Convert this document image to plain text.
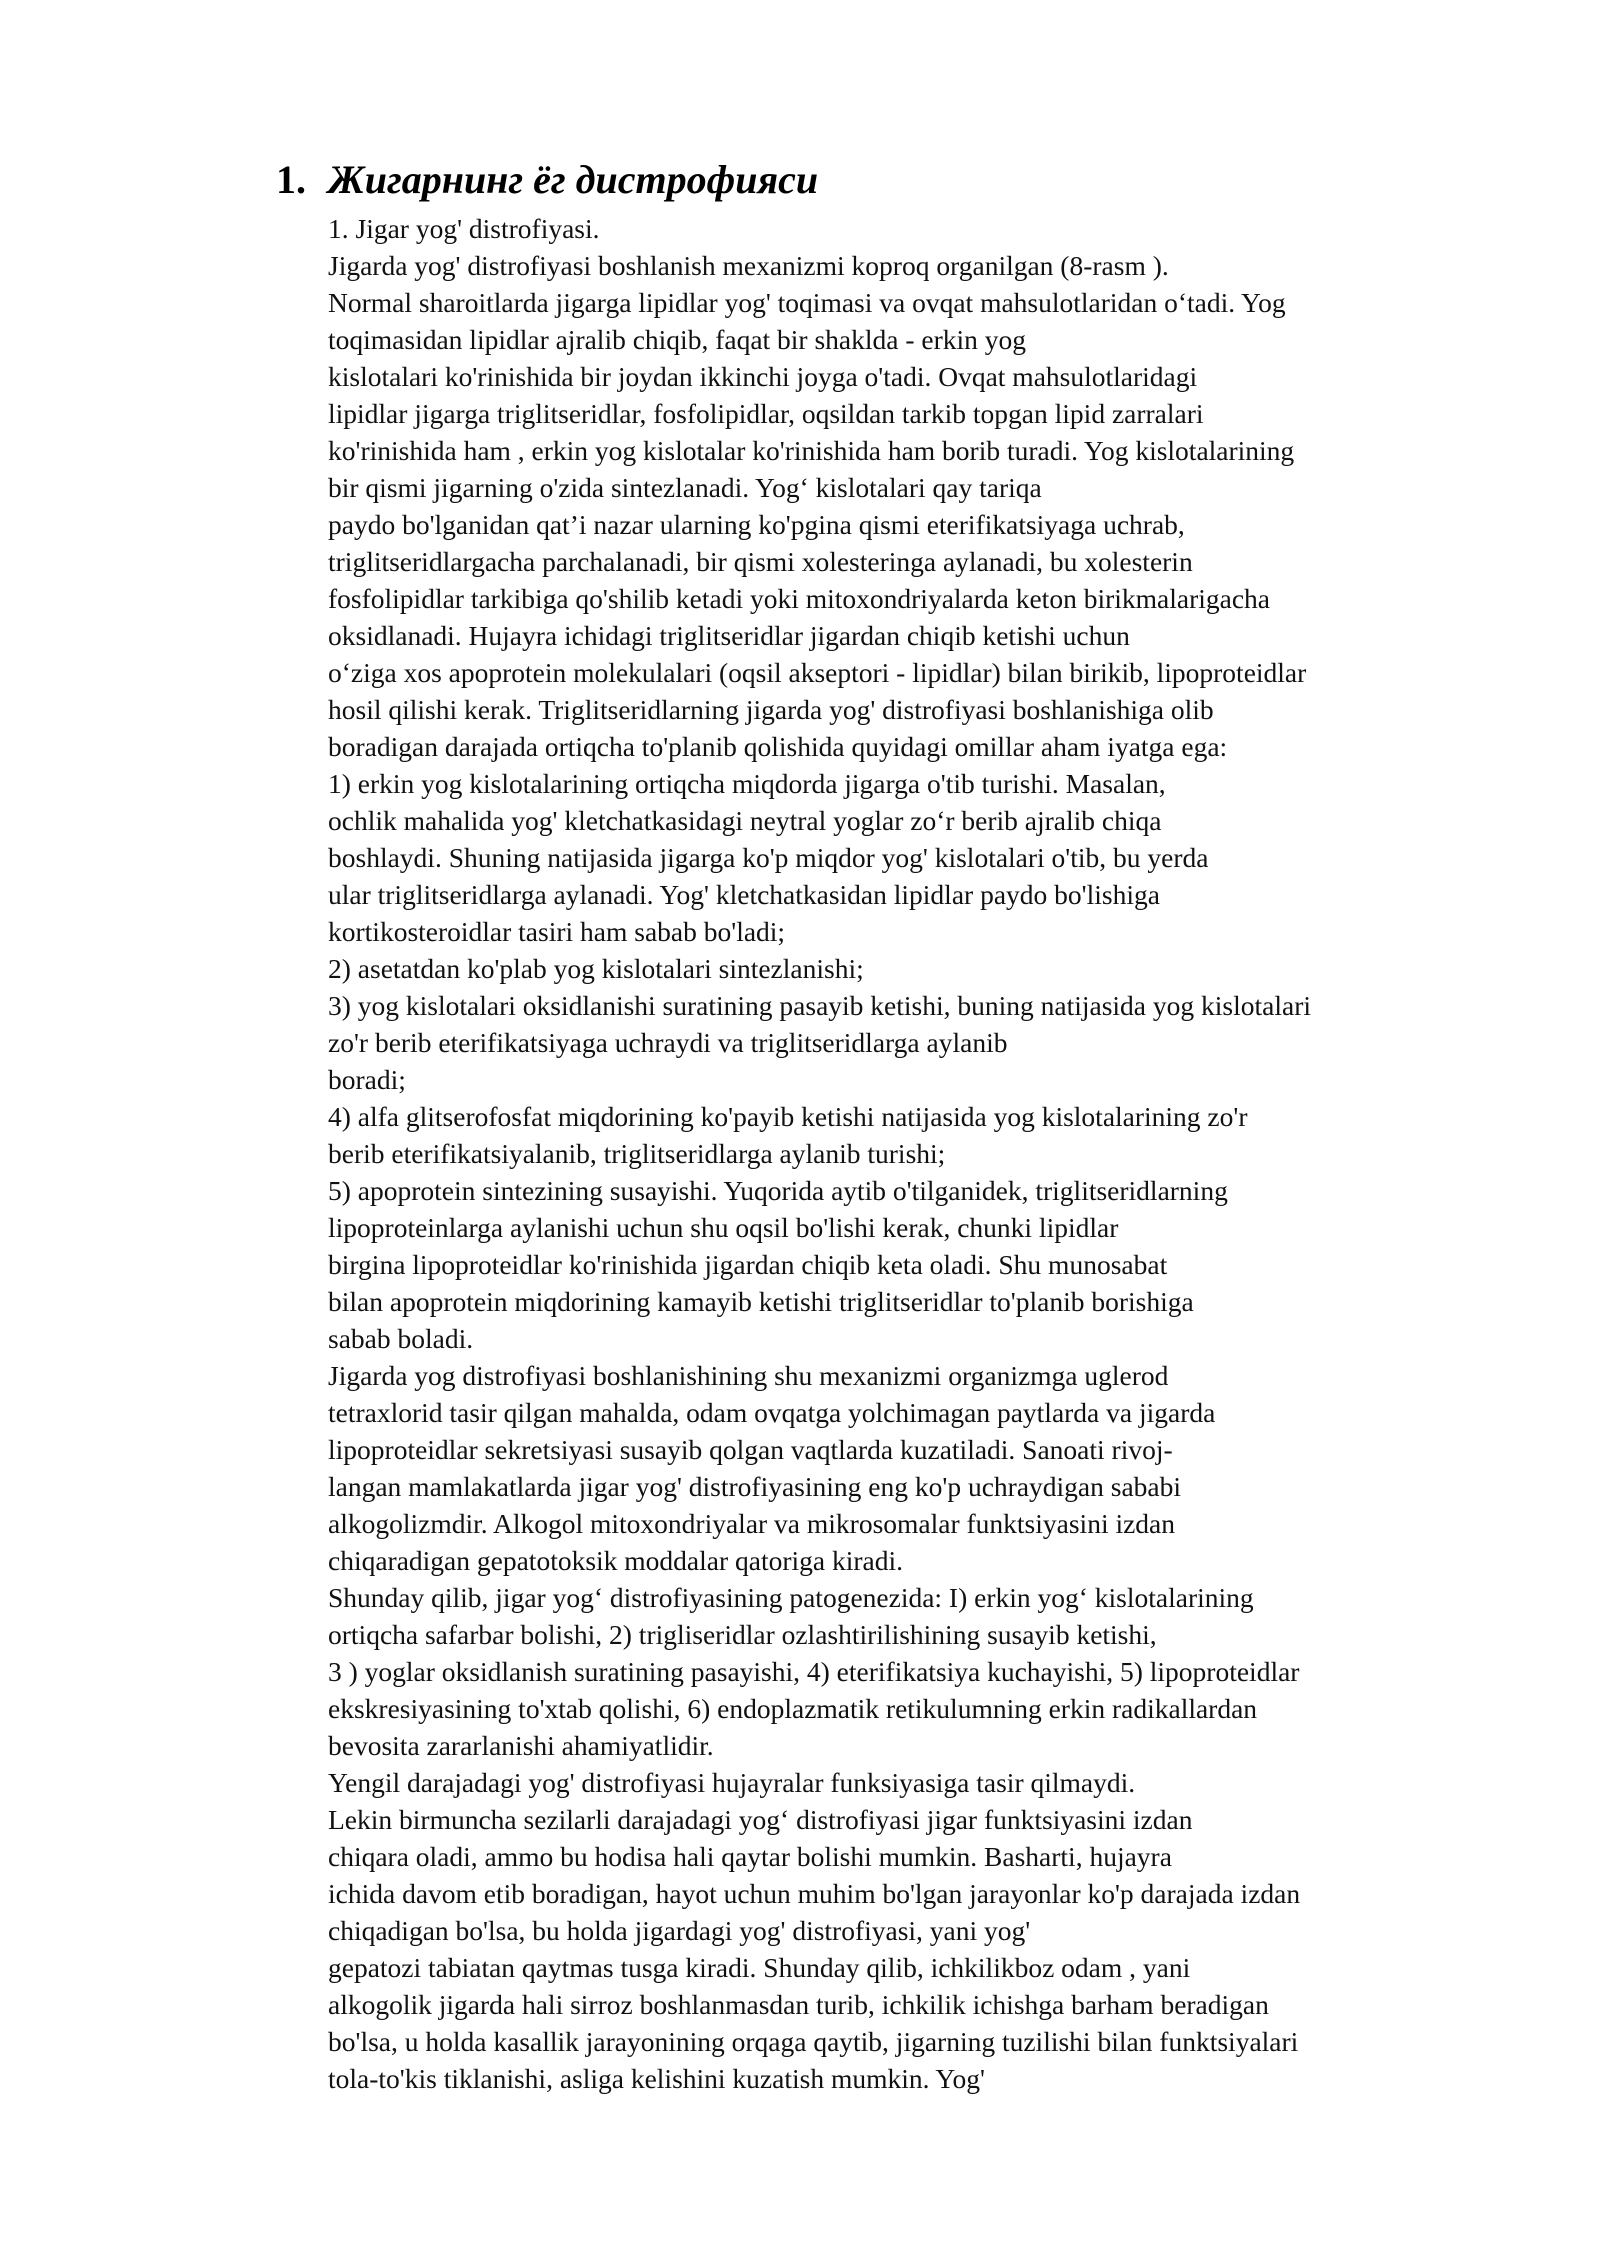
1. Жигарнинг ёг дистрофияси
1. Jigar yog' distrofiyasi.
Jigarda yog' distrofiyasi boshlanish mexanizmi koproq organilgan (8-rasm ).
Normal sharoitlarda jigarga lipidlar yog' toqimasi va ovqat mahsulotlaridan o‘tadi. Yog
toqimasidan lipidlar ajralib chiqib, faqat bir shaklda - erkin yog
kislotalari ko'rinishida bir joydan ikkinchi joyga o'tadi. Ovqat mahsulotlaridagi
lipidlar jigarga triglitseridlar, fosfolipidlar, oqsildan tarkib topgan lipid zarralari
ko'rinishida ham , erkin yog kislotalar ko'rinishida ham borib turadi. Yog kislotalarining
bir qismi jigarning o'zida sintezlanadi. Yog‘ kislotalari qay tariqa
paydo bo'lganidan qat’i nazar ularning ko'pgina qismi eterifikatsiyaga uchrab,
triglitseridlargacha parchalanadi, bir qismi xolesteringa aylanadi, bu xolesterin
fosfolipidlar tarkibiga qo'shilib ketadi yoki mitoxondriyalarda keton birikmalarigacha
oksidlanadi. Hujayra ichidagi triglitseridlar jigardan chiqib ketishi uchun
o‘ziga xos apoprotein molekulalari (oqsil akseptori - lipidlar) bilan birikib, lipoproteidlar
hosil qilishi kerak. Triglitseridlarning jigarda yog' distrofiyasi boshlanishiga olib
boradigan darajada ortiqcha to'planib qolishida quyidagi omillar aham iyatga ega:
1) erkin yog kislotalarining ortiqcha miqdorda jigarga o'tib turishi. Masalan,
ochlik mahalida yog' kletchatkasidagi neytral yoglar zo‘r berib ajralib chiqa
boshlaydi. Shuning natijasida jigarga ko'p miqdor yog' kislotalari o'tib, bu yerda
ular triglitseridlarga aylanadi. Yog' kletchatkasidan lipidlar paydo bo'lishiga
kortikosteroidlar tasiri ham sabab bo'ladi;
2) asetatdan ko'plab yog kislotalari sintezlanishi;
3) yog kislotalari oksidlanishi suratining pasayib ketishi, buning natijasida yog kislotalari
zo'r berib eterifikatsiyaga uchraydi va triglitseridlarga aylanib
boradi;
4) alfa glitserofosfat miqdorining ko'payib ketishi natijasida yog kislotalarining zo'r
berib eterifikatsiyalanib, triglitseridlarga aylanib turishi;
5) apoprotein sintezining susayishi. Yuqorida aytib o'tilganidek, triglitseridlarning
lipoproteinlarga aylanishi uchun shu oqsil bo'lishi kerak, chunki lipidlar
birgina lipoproteidlar ko'rinishida jigardan chiqib keta oladi. Shu munosabat
bilan apoprotein miqdorining kamayib ketishi triglitseridlar to'planib borishiga
sabab boladi.
Jigarda yog distrofiyasi boshlanishining shu mexanizmi organizmga uglerod
tetraxlorid tasir qilgan mahalda, odam ovqatga yolchimagan paytlarda va jigarda
lipoproteidlar sekretsiyasi susayib qolgan vaqtlarda kuzatiladi. Sanoati rivoj-
langan mamlakatlarda jigar yog' distrofiyasining eng ko'p uchraydigan sababi
alkogolizmdir. Alkogol mitoxondriyalar va mikrosomalar funktsiyasini izdan
chiqaradigan gepatotoksik moddalar qatoriga kiradi.
Shunday qilib, jigar yog‘ distrofiyasining patogenezida: I) erkin yog‘ kislotalarining
ortiqcha safarbar bolishi, 2) trigliseridlar ozlashtirilishining susayib ketishi,
3 ) yoglar oksidlanish suratining pasayishi, 4) eterifikatsiya kuchayishi, 5) lipoproteidlar
ekskresiyasining to'xtab qolishi, 6) endoplazmatik retikulumning erkin radikallardan
bevosita zararlanishi ahamiyatlidir.
Yengil darajadagi yog' distrofiyasi hujayralar funksiyasiga tasir qilmaydi.
Lekin birmuncha sezilarli darajadagi yog‘ distrofiyasi jigar funktsiyasini izdan
chiqara oladi, ammo bu hodisa hali qaytar bolishi mumkin. Basharti, hujayra
ichida davom etib boradigan, hayot uchun muhim bo'lgan jarayonlar ko'p darajada izdan
chiqadigan bo'lsa, bu holda jigardagi yog' distrofiyasi, yani yog'
gepatozi tabiatan qaytmas tusga kiradi. Shunday qilib, ichkilikboz odam , yani
alkogolik jigarda hali sirroz boshlanmasdan turib, ichkilik ichishga barham beradigan
bo'lsa, u holda kasallik jarayonining orqaga qaytib, jigarning tuzilishi bilan funktsiyalari
tola-to'kis tiklanishi, asliga kelishini kuzatish mumkin. Yog'
